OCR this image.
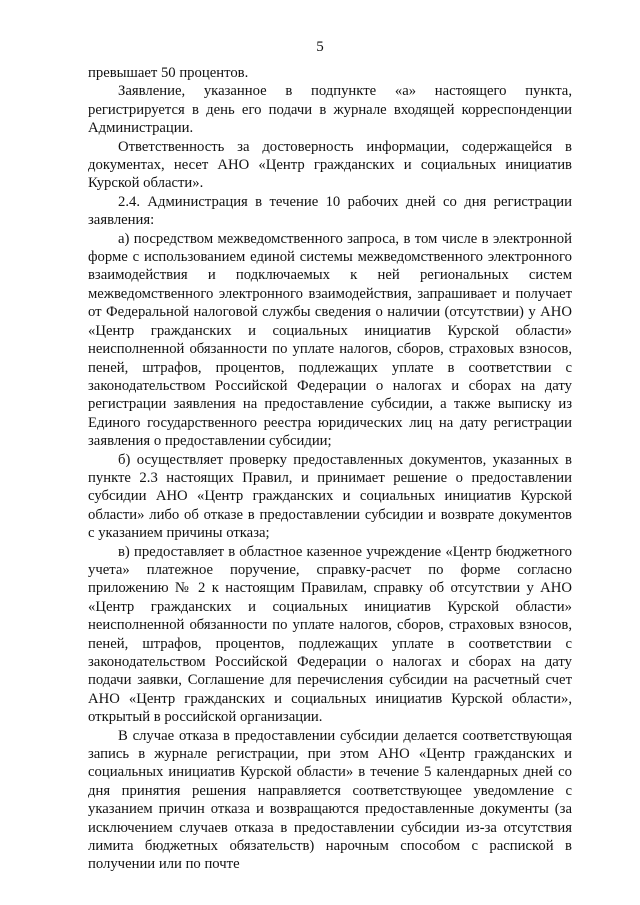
5

превышает 50 процентов.

Заявление, указанное в подпункте «а» настоящего пункта, регистрируется в день его подачи в журнале входящей корреспонденции Администрации.

Ответственность за достоверность информации, содержащейся в документах, несет АНО «Центр гражданских и социальных инициатив Курской области».

2.4. Администрация в течение 10 рабочих дней со дня регистрации заявления:

а) посредством межведомственного запроса, в том числе в электронной форме с использованием единой системы межведомственного электронного взаимодействия и подключаемых к ней региональных систем межведомственного электронного взаимодействия, запрашивает и получает от Федеральной налоговой службы сведения о наличии (отсутствии) у АНО «Центр гражданских и социальных инициатив Курской области» неисполненной обязанности по уплате налогов, сборов, страховых взносов, пеней, штрафов, процентов, подлежащих уплате в соответствии с законодательством Российской Федерации о налогах и сборах на дату регистрации заявления на предоставление субсидии, а также выписку из Единого государственного реестра юридических лиц на дату регистрации заявления о предоставлении субсидии;

б) осуществляет проверку предоставленных документов, указанных в пункте 2.3 настоящих Правил, и принимает решение о предоставлении субсидии АНО «Центр гражданских и социальных инициатив Курской области» либо об отказе в предоставлении субсидии и возврате документов с указанием причины отказа;

в) предоставляет в областное казенное учреждение «Центр бюджетного учета» платежное поручение, справку-расчет по форме согласно приложению № 2 к настоящим Правилам, справку об отсутствии у АНО «Центр гражданских и социальных инициатив Курской области» неисполненной обязанности по уплате налогов, сборов, страховых взносов, пеней, штрафов, процентов, подлежащих уплате в соответствии с законодательством Российской Федерации о налогах и сборах на дату подачи заявки, Соглашение для перечисления субсидии на расчетный счет АНО «Центр гражданских и социальных инициатив Курской области», открытый в российской организации.

В случае отказа в предоставлении субсидии делается соответствующая запись в журнале регистрации, при этом АНО «Центр гражданских и социальных инициатив Курской области» в течение 5 календарных дней со дня принятия решения направляется соответствующее уведомление с указанием причин отказа и возвращаются предоставленные документы (за исключением случаев отказа в предоставлении субсидии из-за отсутствия лимита бюджетных обязательств) нарочным способом с распиской в получении или по почте
